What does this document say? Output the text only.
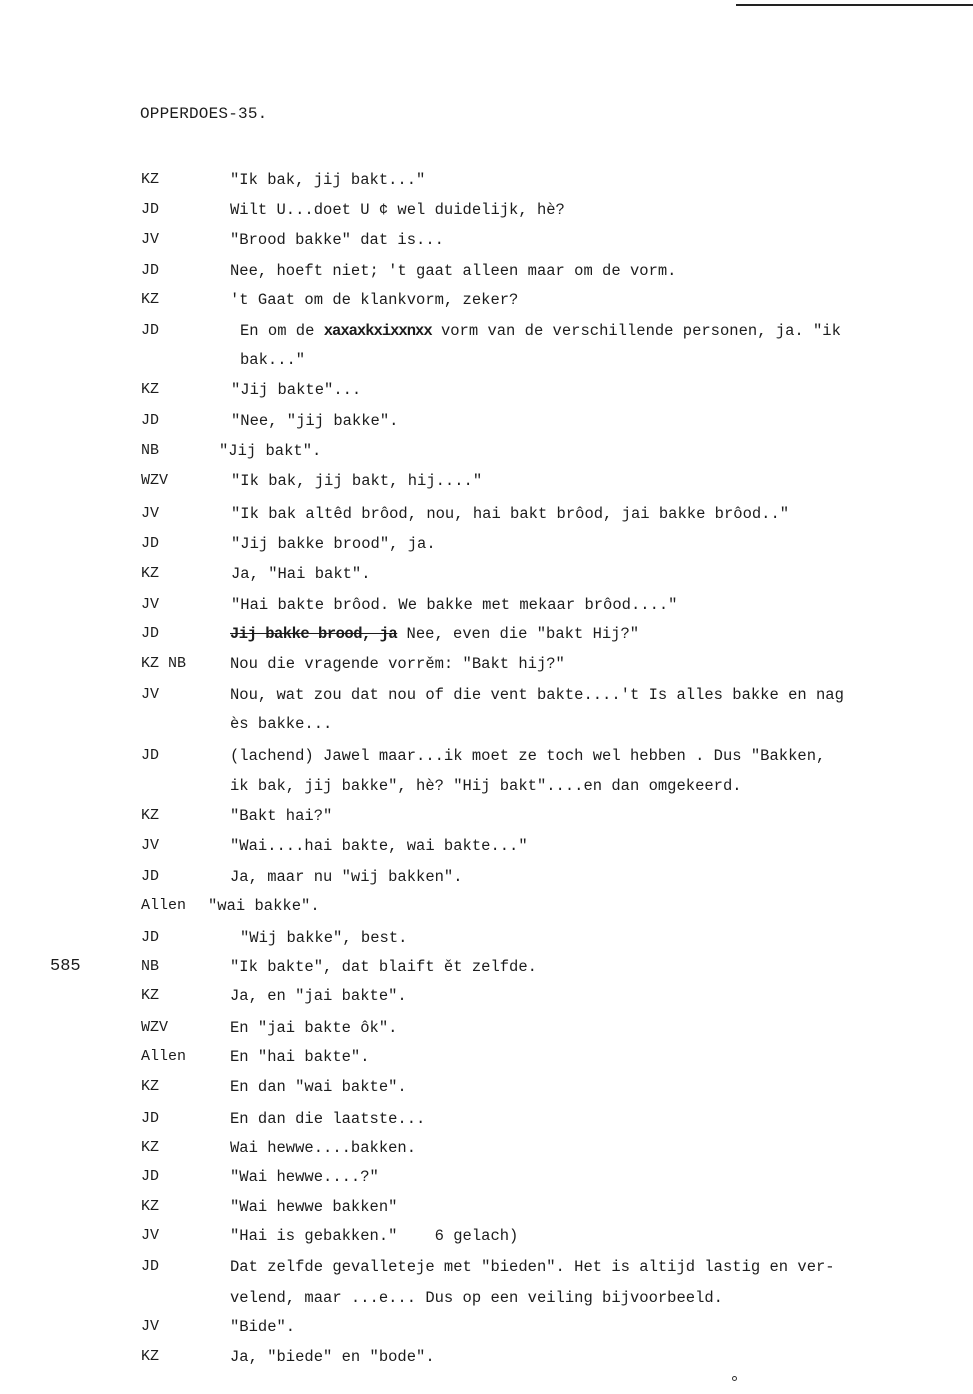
OPPERDOES-35.
585
KZ	"Ik bak, jij bakt..."
JD	Wilt U...doet U ¢ wel duidelijk, hè?
JV	"Brood bakke" dat is...
JD	Nee, hoeft niet; 't gaat alleen maar om de vorm.
KZ	't Gaat om de klankvorm, zeker?
JD	En om de xaxaxkxixxnxx vorm van de verschillende personen, ja. "ik
bak..."
KZ	"Jij bakte"...
JD	"Nee, "jij bakke".
NB	"Jij bakt".
WZV	"Ik bak, jij bakt, hij...."
JV	"Ik bak altêd brôod, nou, hai bakt brôod, jai bakke brôod.."
JD	"Jij bakke brood", ja.
KZ	Ja, "Hai bakt".
JV	"Hai bakte brôod. We bakke met mekaar brôod...."
JD	Jij bakke brood, ja Nee, even die "bakt Hij?"
KZ NB	Nou die vragende vorrěm: "Bakt hij?"
JV	Nou, wat zou dat nou of die vent bakte....'t Is alles bakke en nag
ès bakke...
JD	(lachend) Jawel maar...ik moet ze toch wel hebben . Dus "Bakken,
ik bak, jij bakke", hè? "Hij bakt"....en dan omgekeerd.
KZ	"Bakt hai?"
JV	"Wai....hai bakte, wai bakte..."
JD	Ja, maar nu "wij bakken".
Allen "wai bakke".
JD	"Wij bakke", best.
NB	"Ik bakte", dat blaift ět zelfde.
KZ	Ja, en "jai bakte".
WZV	En "jai bakte ôk".
Allen	En "hai bakte".
KZ	En dan "wai bakte".
JD	En dan die laatste...
KZ	Wai hewwe....bakken.
JD	"Wai hewwe....?"
KZ	"Wai hewwe bakken"
JV	"Hai is gebakken."    6 gelach)
JD	Dat zelfde gevalleteje met "bieden". Het is altijd lastig en ver-
velend, maar ...e... Dus op een veiling bijvoorbeeld.
JV	"Bide".
KZ	Ja, "biede" en "bode".
